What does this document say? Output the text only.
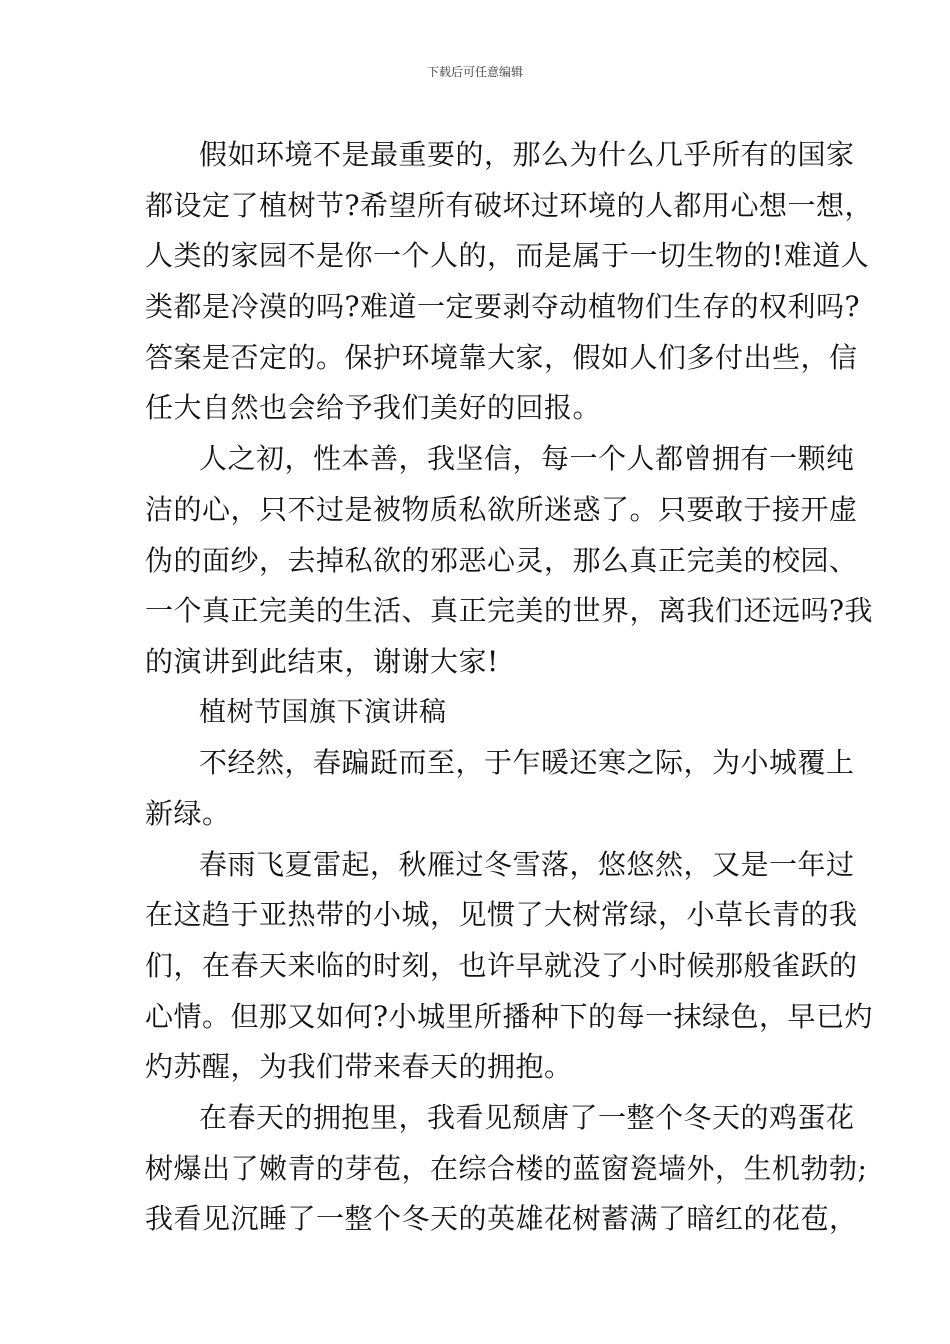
下载后可任意编辑
假如环境不是最重要的，那么为什么几乎所有的国家
都设定了植树节?希望所有破坏过环境的人都用心想一想，
人类的家园不是你一个人的，而是属于一切生物的!难道人
类都是冷漠的吗?难道一定要剥夺动植物们生存的权利吗?
答案是否定的。保护环境靠大家，假如人们多付出些，信
任大自然也会给予我们美好的回报。
人之初，性本善，我坚信，每一个人都曾拥有一颗纯
洁的心，只不过是被物质私欲所迷惑了。只要敢于接开虚
伪的面纱，去掉私欲的邪恶心灵，那么真正完美的校园、
一个真正完美的生活、真正完美的世界，离我们还远吗?我
的演讲到此结束，谢谢大家!
植树节国旗下演讲稿
不经然，春蹁跹而至，于乍暖还寒之际，为小城覆上
新绿。
春雨飞夏雷起，秋雁过冬雪落，悠悠然，又是一年过
在这趋于亚热带的小城，见惯了大树常绿，小草长青的我
们，在春天来临的时刻，也许早就没了小时候那般雀跃的
心情。但那又如何?小城里所播种下的每一抹绿色，早已灼
灼苏醒，为我们带来春天的拥抱。
在春天的拥抱里，我看见颓唐了一整个冬天的鸡蛋花
树爆出了嫩青的芽苞，在综合楼的蓝窗瓷墙外，生机勃勃;
我看见沉睡了一整个冬天的英雄花树蓄满了暗红的花苞，
